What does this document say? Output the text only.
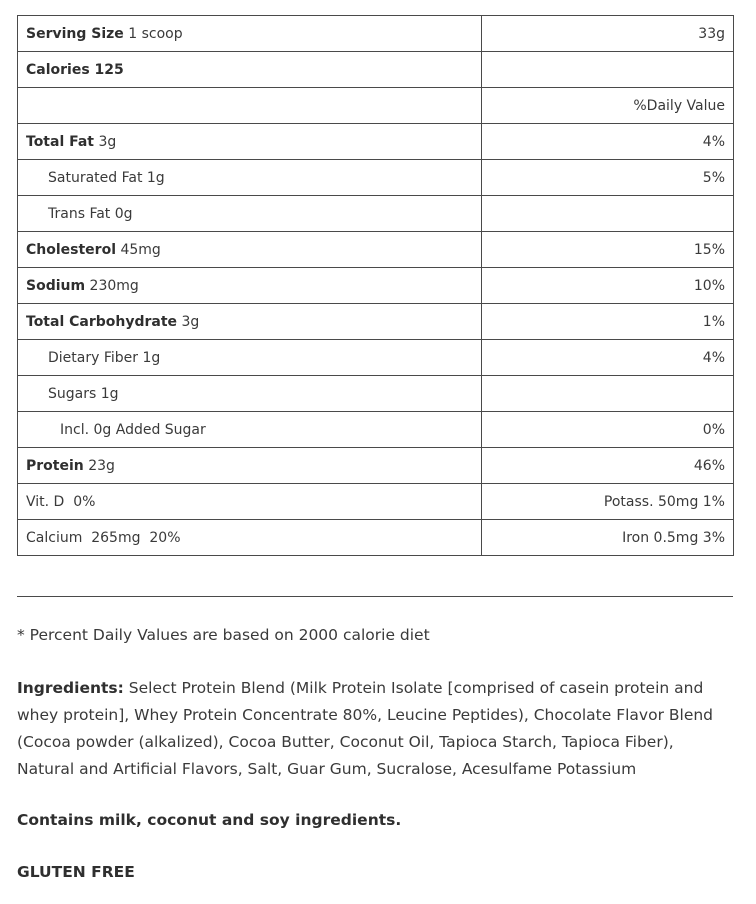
Serving Size 1 scoop	33g
Calories 125	
	%Daily Value
Total Fat 3g	4%
Saturated Fat 1g	5%
Trans Fat 0g	
Cholesterol 45mg	15%
Sodium 230mg	10%
Total Carbohydrate 3g	1%
Dietary Fiber 1g	4%
Sugars 1g	
Incl. 0g Added Sugar	0%
Protein 23g	46%
Vit. D  0%	Potass. 50mg 1%
Calcium  265mg  20%	Iron 0.5mg 3%
* Percent Daily Values are based on 2000 calorie diet
Ingredients: Select Protein Blend (Milk Protein Isolate [comprised of casein protein and whey protein], Whey Protein Concentrate 80%, Leucine Peptides), Chocolate Flavor Blend (Cocoa powder (alkalized), Cocoa Butter, Coconut Oil, Tapioca Starch, Tapioca Fiber), Natural and Artificial Flavors, Salt, Guar Gum, Sucralose, Acesulfame Potassium
Contains milk, coconut and soy ingredients.
GLUTEN FREE
